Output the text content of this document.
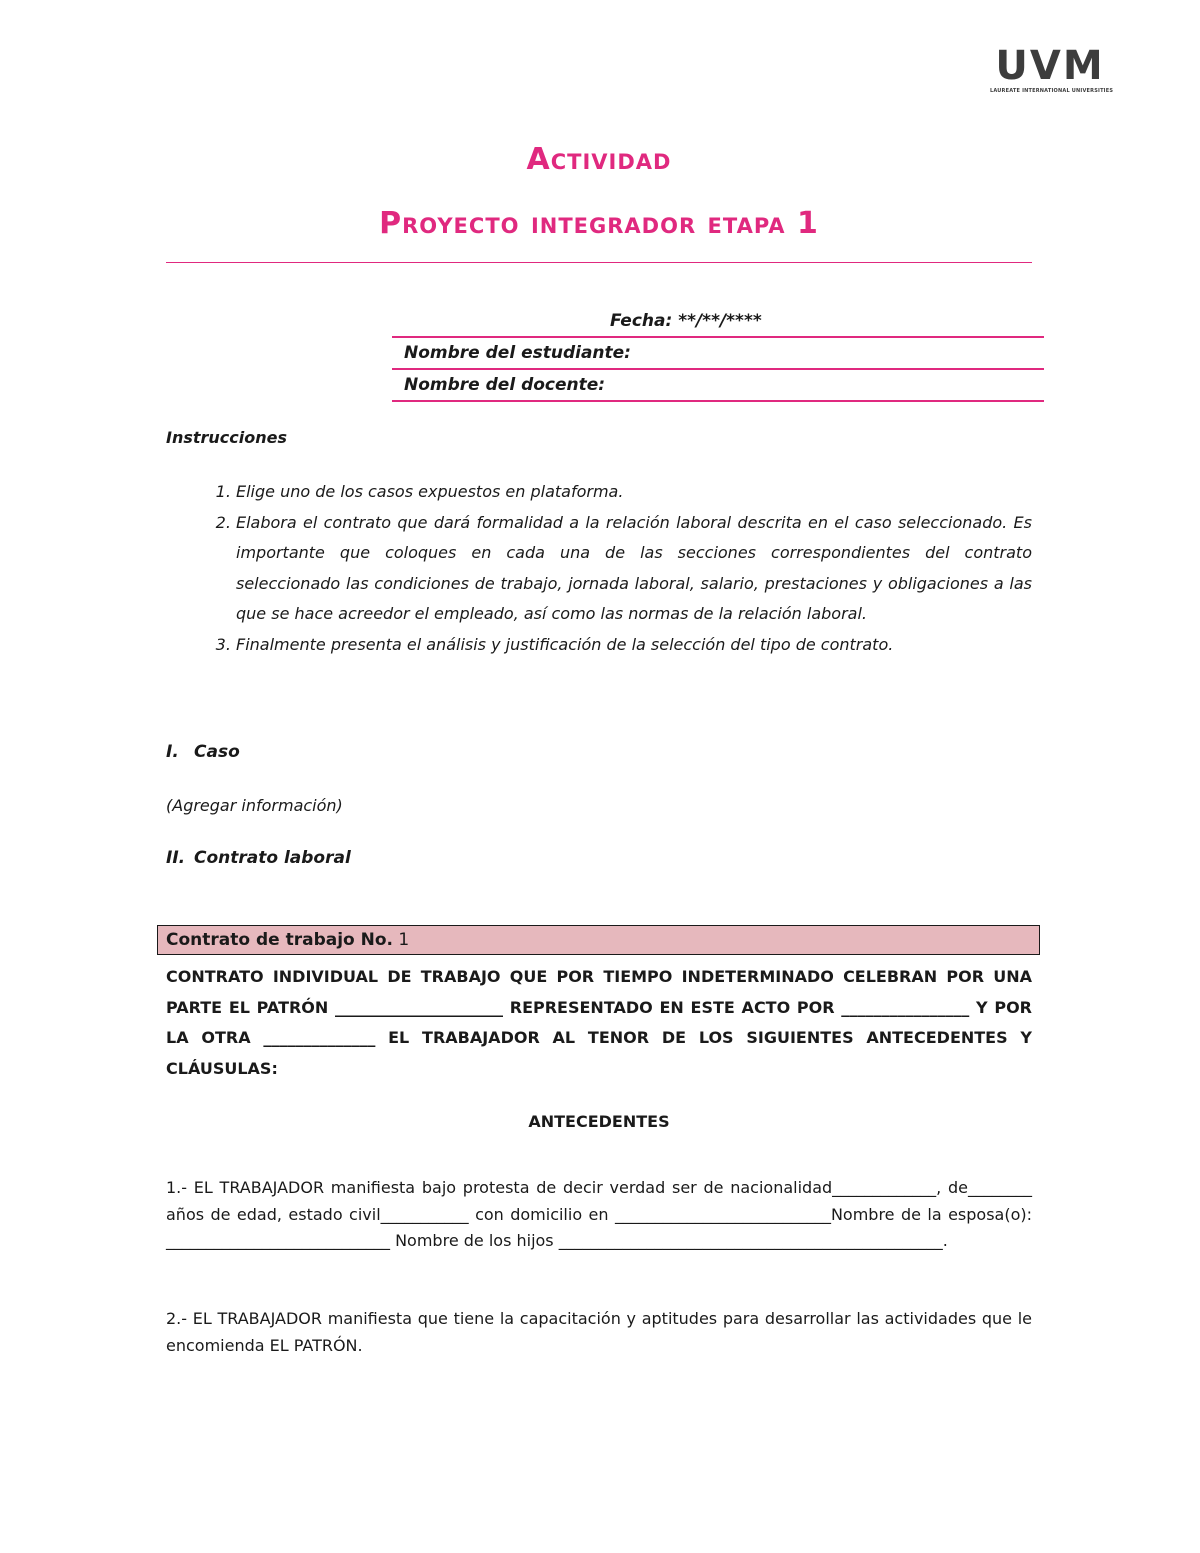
UVM
LAUREATE INTERNATIONAL UNIVERSITIES
Actividad
Proyecto integrador etapa 1
Fecha: **/**/****
Nombre del estudiante:
Nombre del docente:
Instrucciones
1. Elige uno de los casos expuestos en plataforma.
2. Elabora el contrato que dará formalidad a la relación laboral descrita en el caso seleccionado. Es importante que coloques en cada una de las secciones correspondientes del contrato seleccionado las condiciones de trabajo, jornada laboral, salario, prestaciones y obligaciones a las que se hace acreedor el empleado, así como las normas de la relación laboral.
3. Finalmente presenta el análisis y justificación de la selección del tipo de contrato.
I. Caso
(Agregar información)
II. Contrato laboral
Contrato de trabajo No. 1
CONTRATO INDIVIDUAL DE TRABAJO QUE POR TIEMPO INDETERMINADO CELEBRAN POR UNA PARTE EL PATRÓN _____________________ REPRESENTADO EN ESTE ACTO POR ________________ Y POR LA OTRA ______________ EL TRABAJADOR AL TENOR DE LOS SIGUIENTES ANTECEDENTES Y CLÁUSULAS:
ANTECEDENTES
1.- EL TRABAJADOR manifiesta bajo protesta de decir verdad ser de nacionalidad_____________, de________ años de edad, estado civil___________ con domicilio en ___________________________Nombre de la esposa(o): ____________________________ Nombre de los hijos ________________________________________________.
2.- EL TRABAJADOR manifiesta que tiene la capacitación y aptitudes para desarrollar las actividades que le encomienda EL PATRÓN.
